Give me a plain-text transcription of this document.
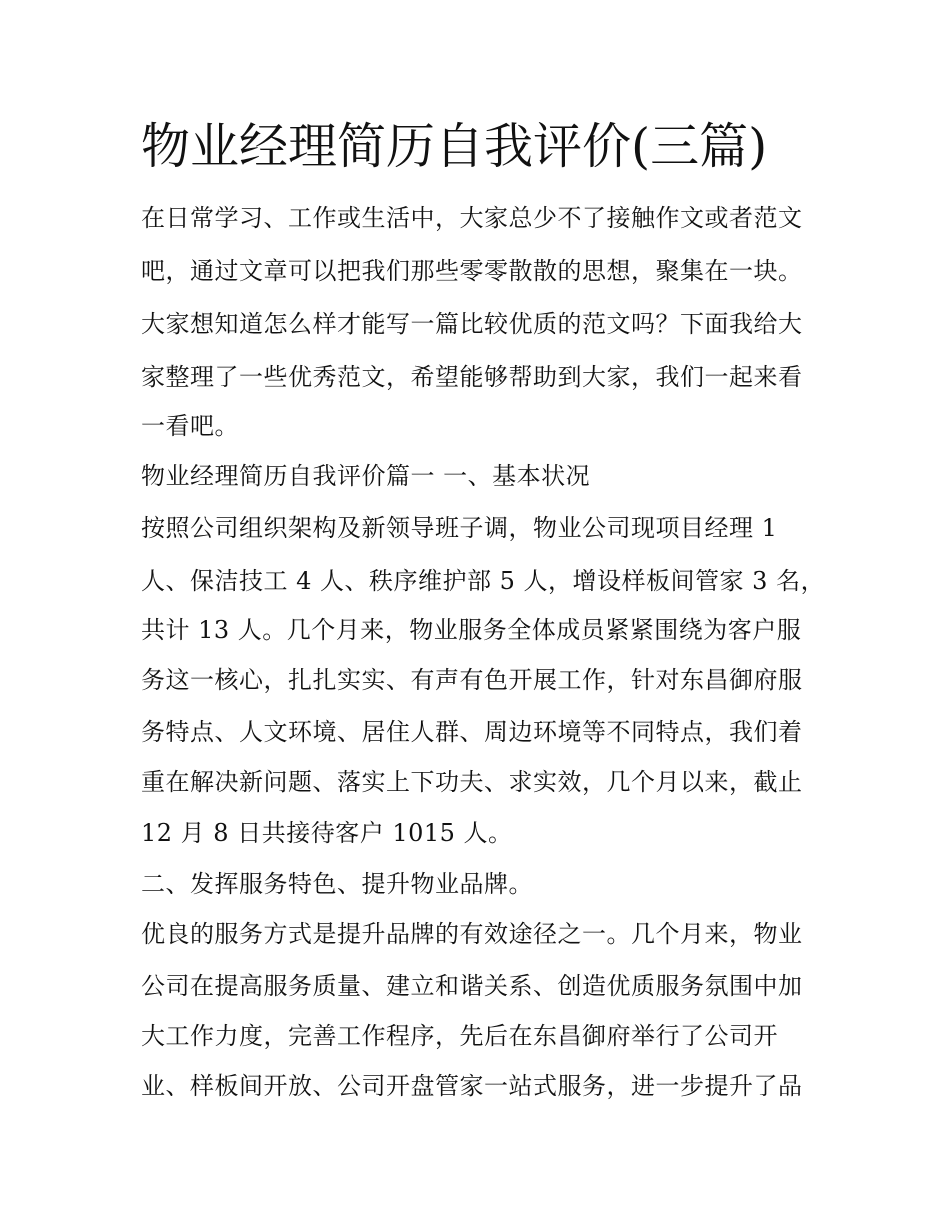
物业经理简历自我评价(三篇)
在日常学习、工作或生活中，大家总少不了接触作文或者范文
吧，通过文章可以把我们那些零零散散的思想，聚集在一块。
大家想知道怎么样才能写一篇比较优质的范文吗？下面我给大
家整理了一些优秀范文，希望能够帮助到大家，我们一起来看
一看吧。
物业经理简历自我评价篇一 一、基本状况
按照公司组织架构及新领导班子调，物业公司现项目经理 1
人、保洁技工 4 人、秩序维护部 5 人，增设样板间管家 3 名，
共计 13 人。几个月来，物业服务全体成员紧紧围绕为客户服
务这一核心，扎扎实实、有声有色开展工作，针对东昌御府服
务特点、人文环境、居住人群、周边环境等不同特点，我们着
重在解决新问题、落实上下功夫、求实效，几个月以来，截止
12 月 8 日共接待客户 1015 人。
二、发挥服务特色、提升物业品牌。
优良的服务方式是提升品牌的有效途径之一。几个月来，物业
公司在提高服务质量、建立和谐关系、创造优质服务氛围中加
大工作力度，完善工作程序，先后在东昌御府举行了公司开
业、样板间开放、公司开盘管家一站式服务，进一步提升了品
